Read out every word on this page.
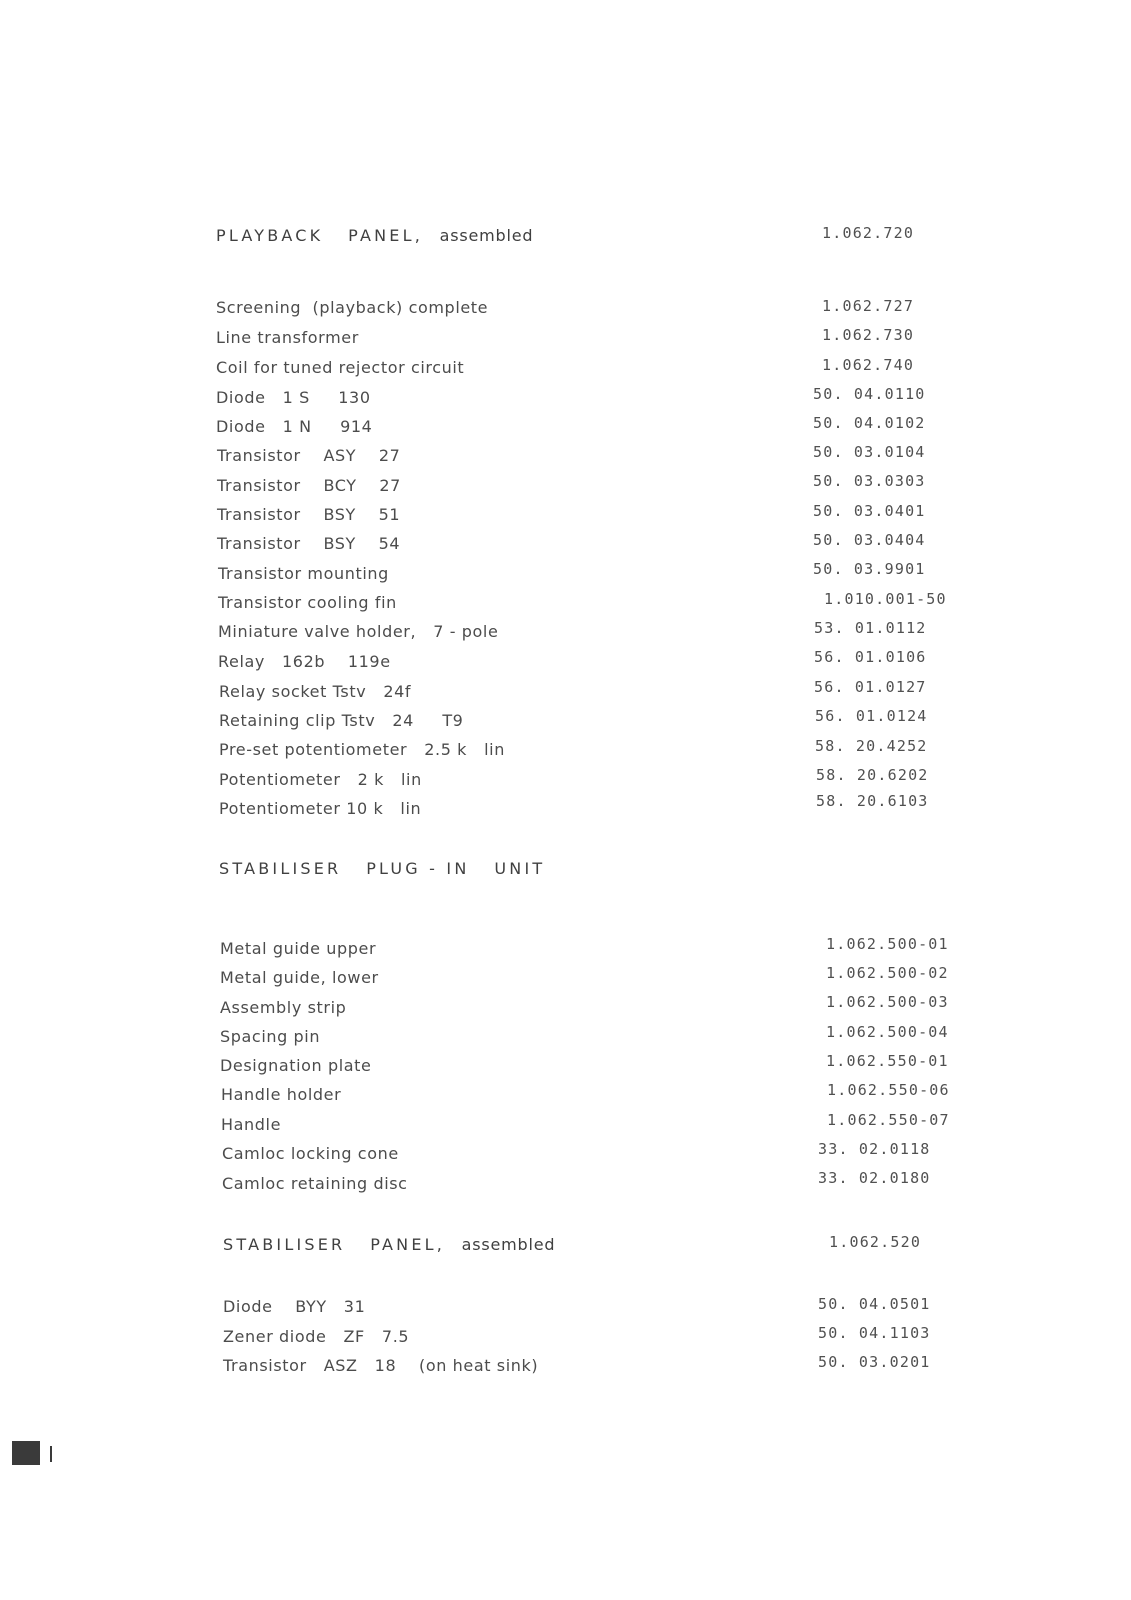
PLAYBACK   PANEL, assembled	1.062.720
Screening  (playback) complete	1.062.727
Line transformer	1.062.730
Coil for tuned rejector circuit	1.062.740
Diode   1 S     130	50. 04.0110
Diode   1 N     914	50. 04.0102
Transistor    ASY    27	50. 03.0104
Transistor    BCY    27	50. 03.0303
Transistor    BSY    51	50. 03.0401
Transistor    BSY    54	50. 03.0404
Transistor mounting	50. 03.9901
Transistor cooling fin	1.010.001-50
Miniature valve holder,   7 - pole	53. 01.0112
Relay   162b    119e	56. 01.0106
Relay socket Tstv   24f	56. 01.0127
Retaining clip Tstv   24     T9	56. 01.0124
Pre-set potentiometer   2.5 k   lin	58. 20.4252
Potentiometer   2 k   lin	58. 20.6202
Potentiometer 10 k   lin	58. 20.6103
STABILISER   PLUG - IN   UNIT
Metal guide upper	1.062.500-01
Metal guide, lower	1.062.500-02
Assembly strip	1.062.500-03
Spacing pin	1.062.500-04
Designation plate	1.062.550-01
Handle holder	1.062.550-06
Handle	1.062.550-07
Camloc locking cone	33. 02.0118
Camloc retaining disc	33. 02.0180
STABILISER   PANEL, assembled	1.062.520
Diode    BYY   31	50. 04.0501
Zener diode   ZF   7.5	50. 04.1103
Transistor   ASZ   18    (on heat sink)	50. 03.0201
